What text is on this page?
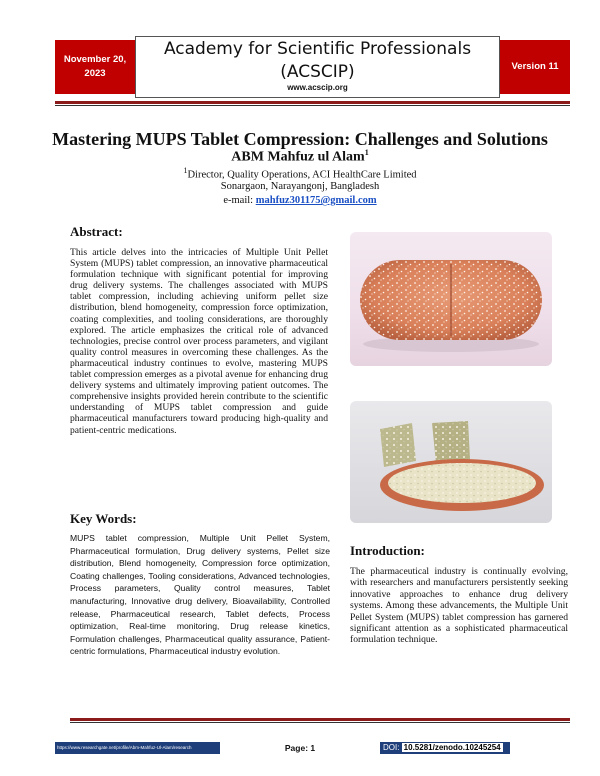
November 20,
2023
Academy for Scientific Professionals
(ACSCIP)
www.acscip.org
Version 11
Mastering MUPS Tablet Compression: Challenges and Solutions
ABM Mahfuz ul Alam$^1$
$^1$Director, Quality Operations, ACI HealthCare Limited
Sonargaon, Narayangonj, Bangladesh
e-mail: mahfuz301175@gmail.com
Abstract:
This article delves into the intricacies of Multiple Unit Pellet System (MUPS) tablet compression, an innovative pharmaceutical formulation technique with significant potential for improving drug delivery systems. The challenges associated with MUPS tablet compression, including achieving uniform pellet size distribution, blend homogeneity, compression force optimization, coating complexities, and tooling considerations, are thoroughly explored. The article emphasizes the critical role of advanced technologies, precise control over process parameters, and vigilant quality control measures in overcoming these challenges. As the pharmaceutical industry continues to evolve, mastering MUPS tablet compression emerges as a pivotal avenue for enhancing drug delivery systems and ultimately improving patient outcomes. The comprehensive insights provided herein contribute to the scientific understanding of MUPS tablet compression and guide pharmaceutical manufacturers toward producing high-quality and patient-centric medications.
Key Words:
MUPS tablet compression, Multiple Unit Pellet System, Pharmaceutical formulation, Drug delivery systems, Pellet size distribution, Blend homogeneity, Compression force optimization, Coating challenges, Tooling considerations, Advanced technologies, Process parameters, Quality control measures, Tablet manufacturing, Innovative drug delivery, Bioavailability, Controlled release, Pharmaceutical research, Tablet defects, Process optimization, Real-time monitoring, Drug release kinetics, Formulation challenges, Pharmaceutical quality assurance, Patient-centric formulations, Pharmaceutical industry evolution.
Introduction:
The pharmaceutical industry is continually evolving, with researchers and manufacturers persistently seeking innovative approaches to enhance drug delivery systems. Among these advancements, the Multiple Unit Pellet System (MUPS) tablet compression has garnered significant attention as a sophisticated pharmaceutical formulation technique.
https://www.researchgate.net/profile/Abm-Mahfuz-Ul-Alam/research	Page: 1	DOI: 10.5281/zenodo.10245254
